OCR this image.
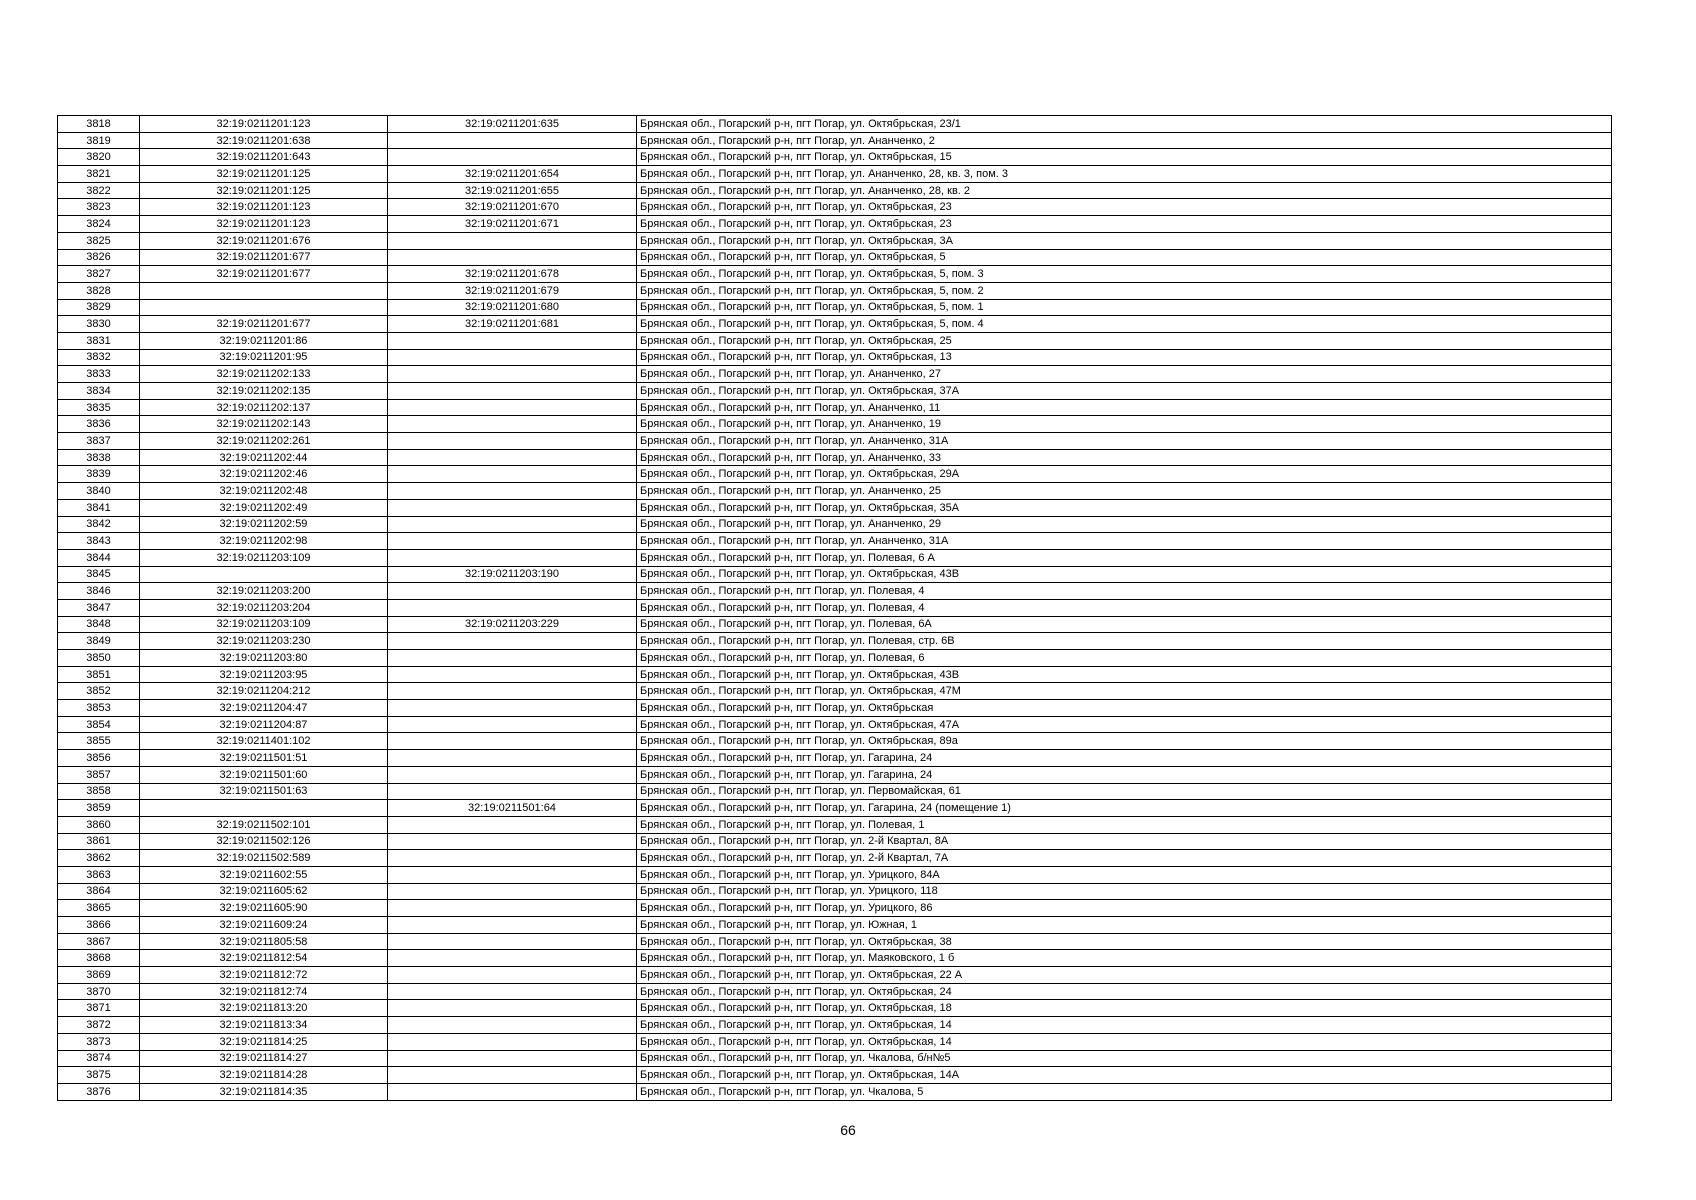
3818	32:19:0211201:123	32:19:0211201:635	Брянская обл., Погарский р-н, пгт Погар, ул. Октябрьская, 23/1
3819	32:19:0211201:638		Брянская обл., Погарский р-н, пгт Погар, ул. Ананченко, 2
3820	32:19:0211201:643		Брянская обл., Погарский р-н, пгт Погар, ул. Октябрьская, 15
3821	32:19:0211201:125	32:19:0211201:654	Брянская обл., Погарский р-н, пгт Погар, ул. Ананченко, 28, кв. 3, пом. 3
3822	32:19:0211201:125	32:19:0211201:655	Брянская обл., Погарский р-н, пгт Погар, ул. Ананченко, 28, кв. 2
3823	32:19:0211201:123	32:19:0211201:670	Брянская обл., Погарский р-н, пгт Погар, ул. Октябрьская, 23
3824	32:19:0211201:123	32:19:0211201:671	Брянская обл., Погарский р-н, пгт Погар, ул. Октябрьская, 23
3825	32:19:0211201:676		Брянская обл., Погарский р-н, пгт Погар, ул. Октябрьская, 3А
3826	32:19:0211201:677		Брянская обл., Погарский р-н, пгт Погар, ул. Октябрьская, 5
3827	32:19:0211201:677	32:19:0211201:678	Брянская обл., Погарский р-н, пгт Погар, ул. Октябрьская, 5, пом. 3
3828		32:19:0211201:679	Брянская обл., Погарский р-н, пгт Погар, ул. Октябрьская, 5, пом. 2
3829		32:19:0211201:680	Брянская обл., Погарский р-н, пгт Погар, ул. Октябрьская, 5, пом. 1
3830	32:19:0211201:677	32:19:0211201:681	Брянская обл., Погарский р-н, пгт Погар, ул. Октябрьская, 5, пом. 4
3831	32:19:0211201:86		Брянская обл., Погарский р-н, пгт Погар, ул. Октябрьская, 25
3832	32:19:0211201:95		Брянская обл., Погарский р-н, пгт Погар, ул. Октябрьская, 13
3833	32:19:0211202:133		Брянская обл., Погарский р-н, пгт Погар, ул. Ананченко, 27
3834	32:19:0211202:135		Брянская обл., Погарский р-н, пгт Погар, ул. Октябрьская, 37А
3835	32:19:0211202:137		Брянская обл., Погарский р-н, пгт Погар, ул. Ананченко, 11
3836	32:19:0211202:143		Брянская обл., Погарский р-н, пгт Погар, ул. Ананченко, 19
3837	32:19:0211202:261		Брянская обл., Погарский р-н, пгт Погар, ул. Ананченко, 31А
3838	32:19:0211202:44		Брянская обл., Погарский р-н, пгт Погар, ул. Ананченко, 33
3839	32:19:0211202:46		Брянская обл., Погарский р-н, пгт Погар, ул. Октябрьская, 29А
3840	32:19:0211202:48		Брянская обл., Погарский р-н, пгт Погар, ул. Ананченко, 25
3841	32:19:0211202:49		Брянская обл., Погарский р-н, пгт Погар, ул. Октябрьская, 35А
3842	32:19:0211202:59		Брянская обл., Погарский р-н, пгт Погар, ул. Ананченко, 29
3843	32:19:0211202:98		Брянская обл., Погарский р-н, пгт Погар, ул. Ананченко, 31А
3844	32:19:0211203:109		Брянская обл., Погарский р-н, пгт Погар, ул. Полевая, 6 А
3845		32:19:0211203:190	Брянская обл., Погарский р-н, пгт Погар, ул. Октябрьская, 43В
3846	32:19:0211203:200		Брянская обл., Погарский р-н, пгт Погар, ул. Полевая, 4
3847	32:19:0211203:204		Брянская обл., Погарский р-н, пгт Погар, ул. Полевая, 4
3848	32:19:0211203:109	32:19:0211203:229	Брянская обл., Погарский р-н, пгт Погар, ул. Полевая, 6А
3849	32:19:0211203:230		Брянская обл., Погарский р-н, пгт Погар, ул. Полевая, стр. 6В
3850	32:19:0211203:80		Брянская обл., Погарский р-н, пгт Погар, ул. Полевая, 6
3851	32:19:0211203:95		Брянская обл., Погарский р-н, пгт Погар, ул. Октябрьская, 43В
3852	32:19:0211204:212		Брянская обл., Погарский р-н, пгт Погар, ул. Октябрьская, 47М
3853	32:19:0211204:47		Брянская обл., Погарский р-н, пгт Погар, ул. Октябрьская
3854	32:19:0211204:87		Брянская обл., Погарский р-н, пгт Погар, ул. Октябрьская, 47А
3855	32:19:0211401:102		Брянская обл., Погарский р-н, пгт Погар, ул. Октябрьская, 89а
3856	32:19:0211501:51		Брянская обл., Погарский р-н, пгт Погар, ул. Гагарина, 24
3857	32:19:0211501:60		Брянская обл., Погарский р-н, пгт Погар, ул. Гагарина, 24
3858	32:19:0211501:63		Брянская обл., Погарский р-н, пгт Погар, ул. Первомайская, 61
3859		32:19:0211501:64	Брянская обл., Погарский р-н, пгт Погар, ул. Гагарина, 24 (помещение 1)
3860	32:19:0211502:101		Брянская обл., Погарский р-н, пгт Погар, ул. Полевая, 1
3861	32:19:0211502:126		Брянская обл., Погарский р-н, пгт Погар, ул. 2-й Квартал, 8А
3862	32:19:0211502:589		Брянская обл., Погарский р-н, пгт Погар, ул. 2-й Квартал, 7А
3863	32:19:0211602:55		Брянская обл., Погарский р-н, пгт Погар, ул. Урицкого, 84А
3864	32:19:0211605:62		Брянская обл., Погарский р-н, пгт Погар, ул. Урицкого, 118
3865	32:19:0211605:90		Брянская обл., Погарский р-н, пгт Погар, ул. Урицкого, 86
3866	32:19:0211609:24		Брянская обл., Погарский р-н, пгт Погар, ул. Южная, 1
3867	32:19:0211805:58		Брянская обл., Погарский р-н, пгт Погар, ул. Октябрьская, 38
3868	32:19:0211812:54		Брянская обл., Погарский р-н, пгт Погар, ул. Маяковского, 1 б
3869	32:19:0211812:72		Брянская обл., Погарский р-н, пгт Погар, ул. Октябрьская, 22 А
3870	32:19:0211812:74		Брянская обл., Погарский р-н, пгт Погар, ул. Октябрьская, 24
3871	32:19:0211813:20		Брянская обл., Погарский р-н, пгт Погар, ул. Октябрьская, 18
3872	32:19:0211813:34		Брянская обл., Погарский р-н, пгт Погар, ул. Октябрьская, 14
3873	32:19:0211814:25		Брянская обл., Погарский р-н, пгт Погар, ул. Октябрьская, 14
3874	32:19:0211814:27		Брянская обл., Погарский р-н, пгт Погар, ул. Чкалова, б/н№5
3875	32:19:0211814:28		Брянская обл., Погарский р-н, пгт Погар, ул. Октябрьская, 14А
3876	32:19:0211814:35		Брянская обл., Погарский р-н, пгт Погар, ул. Чкалова, 5
66
